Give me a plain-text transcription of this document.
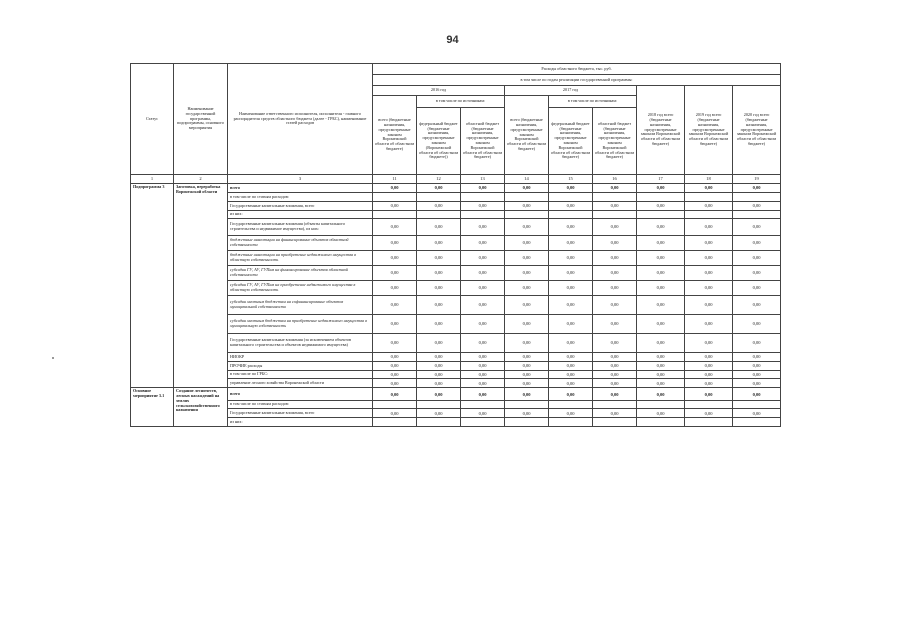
94
Статус	Наименование государственной программы, подпрограммы, основного мероприятия	Наименование ответственного исполнителя, исполнителя - главного распорядителя средств областного бюджета (далее - ГРБС), наименование статей расходов	Расходы областного бюджета, тыс. руб.								
			в том числе по годам реализации государственной программы:								
			2016 год			2017 год			2018 год всего (бюджетные назначения, предусмотренные законом Воронежской области об областном бюджете)	2019 год всего (бюджетные назначения, предусмотренные законом Воронежской области об областном бюджете)	2020 год всего (бюджетные назначения, предусмотренные законом Воронежской области об областном бюджете)
			всего (бюджетные назначения, предусмотренные законом Воронежской области об областном бюджете)	в том числе по источникам:		всего (бюджетные назначения, предусмотренные законом Воронежской области об областном бюджете)	в том числе по источникам:				
				федеральный бюджет (бюджетные назначения, предусмотренные законом (Воронежской области об областном бюджете))	областной бюджет (бюджетные назначения, предусмотренные законом Воронежской области об областном бюджете)		федеральный бюджет (бюджетные назначения, предусмотренные законом Воронежской области об областном бюджете)	областной бюджет (бюджетные назначения, предусмотренные законом Воронежской области об областном бюджете)			
1	2	3	11	12	13	14	15	16	17	18	19
Подпрограмма 3	Заготовка, переработка Воронежской области	всего	0,00	0,00	0,00	0,00	0,00	0,00	0,00	0,00	0,00
		в том числе по статьям расходов:									
		Государственные капитальные вложения, всего	0,00	0,00	0,00	0,00	0,00	0,00	0,00	0,00	0,00
		из них:									
		Государственные капитальные вложения (объекты капитального строительства и недвижимое имущество), из них:	0,00	0,00	0,00	0,00	0,00	0,00	0,00	0,00	0,00
		бюджетные инвестиции на финансирование объектов областной собственности	0,00	0,00	0,00	0,00	0,00	0,00	0,00	0,00	0,00
		бюджетные инвестиции на приобретение недвижимого имущества в областную собственность	0,00	0,00	0,00	0,00	0,00	0,00	0,00	0,00	0,00
		субсидии ГУ, АУ, ГУПам на финансирование объектов областной собственности	0,00	0,00	0,00	0,00	0,00	0,00	0,00	0,00	0,00
		субсидии ГУ, АУ, ГУПам на приобретение недвижимого имущества в областную собственность	0,00	0,00	0,00	0,00	0,00	0,00	0,00	0,00	0,00
		субсидии местным бюджетам на софинансирование объектов муниципальной собственности	0,00	0,00	0,00	0,00	0,00	0,00	0,00	0,00	0,00
		субсидии местным бюджетам на приобретение недвижимого имущества в муниципальную собственность	0,00	0,00	0,00	0,00	0,00	0,00	0,00	0,00	0,00
		Государственные капитальные вложения (за исключением объектов капитального строительства и объектов недвижимого имущества)	0,00	0,00	0,00	0,00	0,00	0,00	0,00	0,00	0,00
		НИОКР	0,00	0,00	0,00	0,00	0,00	0,00	0,00	0,00	0,00
		ПРОЧИЕ расходы	0,00	0,00	0,00	0,00	0,00	0,00	0,00	0,00	0,00
		в том числе по ГРБС:	0,00	0,00	0,00	0,00	0,00	0,00	0,00	0,00	0,00
		управление лесного хозяйства Воронежской области	0,00	0,00	0,00	0,00	0,00	0,00	0,00	0,00	0,00
Основное мероприятие 3.1	Создание лесничеств, лесных насаждений на землях сельскохозяйственного назначения	всего	0,00	0,00	0,00	0,00	0,00	0,00	0,00	0,00	0,00
		в том числе по статьям расходов:									
		Государственные капитальные вложения, всего	0,00	0,00	0,00	0,00	0,00	0,00	0,00	0,00	0,00
		из них:									
